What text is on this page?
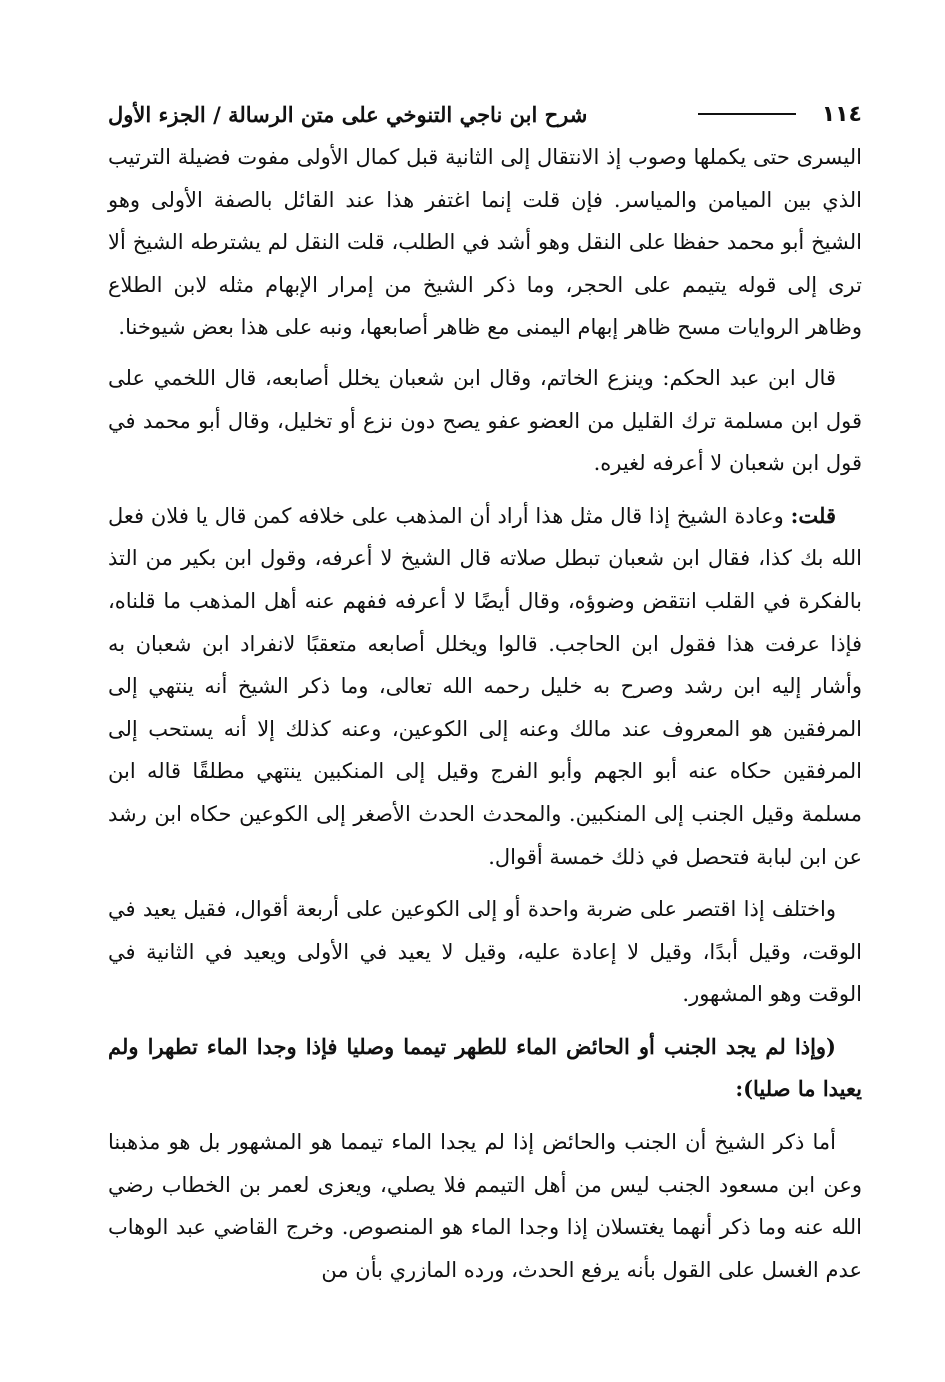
١١٤
شرح ابن ناجي التنوخي على متن الرسالة / الجزء الأول

اليسرى حتى يكملها وصوب إذ الانتقال إلى الثانية قبل كمال الأولى مفوت فضيلة الترتيب الذي بين الميامن والمياسر. فإن قلت إنما اغتفر هذا عند القائل بالصفة الأولى وهو الشيخ أبو محمد حفظا على النقل وهو أشد في الطلب، قلت النقل لم يشترطه الشيخ ألا ترى إلى قوله يتيمم على الحجر، وما ذكر الشيخ من إمرار الإبهام مثله لابن الطلاع وظاهر الروايات مسح ظاهر إبهام اليمنى مع ظاهر أصابعها، ونبه على هذا بعض شيوخنا.

قال ابن عبد الحكم: وينزع الخاتم، وقال ابن شعبان يخلل أصابعه، قال اللخمي على قول ابن مسلمة ترك القليل من العضو عفو يصح دون نزع أو تخليل، وقال أبو محمد في قول ابن شعبان لا أعرفه لغيره.

قلت: وعادة الشيخ إذا قال مثل هذا أراد أن المذهب على خلافه كمن قال يا فلان فعل الله بك كذا، فقال ابن شعبان تبطل صلاته قال الشيخ لا أعرفه، وقول ابن بكير من التذ بالفكرة في القلب انتقض وضوؤه، وقال أيضًا لا أعرفه ففهم عنه أهل المذهب ما قلناه، فإذا عرفت هذا فقول ابن الحاجب. قالوا ويخلل أصابعه متعقبًا لانفراد ابن شعبان به وأشار إليه ابن رشد وصرح به خليل رحمه الله تعالى، وما ذكر الشيخ أنه ينتهي إلى المرفقين هو المعروف عند مالك وعنه إلى الكوعين، وعنه كذلك إلا أنه يستحب إلى المرفقين حكاه عنه أبو الجهم وأبو الفرج وقيل إلى المنكبين ينتهي مطلقًا قاله ابن مسلمة وقيل الجنب إلى المنكبين. والمحدث الحدث الأصغر إلى الكوعين حكاه ابن رشد عن ابن لبابة فتحصل في ذلك خمسة أقوال.

واختلف إذا اقتصر على ضربة واحدة أو إلى الكوعين على أربعة أقوال، فقيل يعيد في الوقت، وقيل أبدًا، وقيل لا إعادة عليه، وقيل لا يعيد في الأولى ويعيد في الثانية في الوقت وهو المشهور.

(وإذا لم يجد الجنب أو الحائض الماء للطهر تيمما وصليا فإذا وجدا الماء تطهرا ولم يعيدا ما صليا):

أما ذكر الشيخ أن الجنب والحائض إذا لم يجدا الماء تيمما هو المشهور بل هو مذهبنا وعن ابن مسعود الجنب ليس من أهل التيمم فلا يصلي، ويعزى لعمر بن الخطاب رضي الله عنه وما ذكر أنهما يغتسلان إذا وجدا الماء هو المنصوص. وخرج القاضي عبد الوهاب عدم الغسل على القول بأنه يرفع الحدث، ورده المازري بأن من
